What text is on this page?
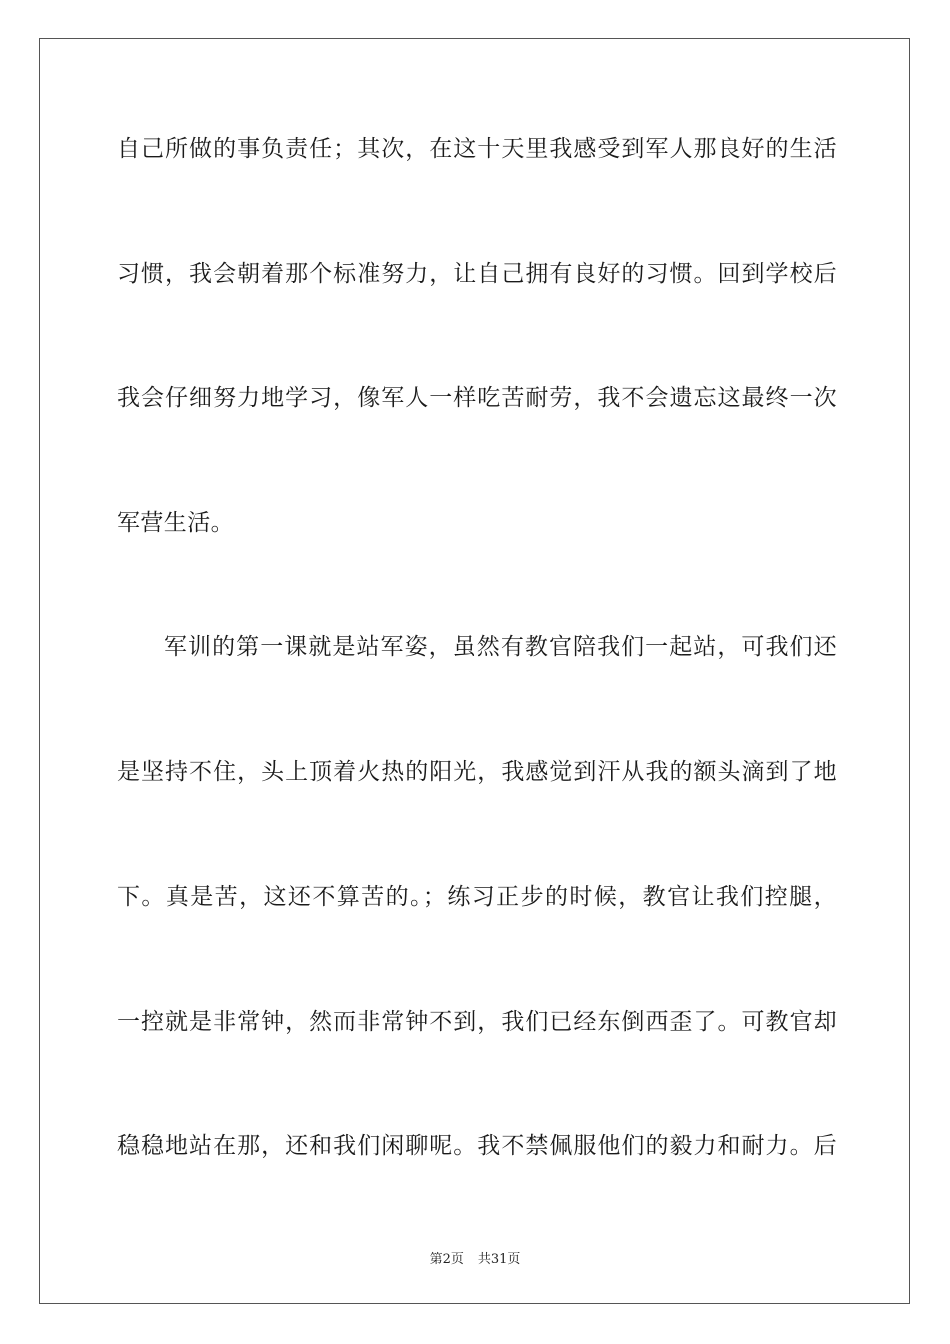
自己所做的事负责任；其次，在这十天里我感受到军人那良好的生活
习惯，我会朝着那个标准努力，让自己拥有良好的习惯。回到学校后
我会仔细努力地学习，像军人一样吃苦耐劳，我不会遗忘这最终一次
军营生活。
军训的第一课就是站军姿，虽然有教官陪我们一起站，可我们还
是坚持不住，头上顶着火热的阳光，我感觉到汗从我的额头滴到了地
下。真是苦，这还不算苦的。；练习正步的时候，教官让我们控腿，
一控就是非常钟，然而非常钟不到，我们已经东倒西歪了。可教官却
稳稳地站在那，还和我们闲聊呢。我不禁佩服他们的毅力和耐力。后
第2页 共31页
